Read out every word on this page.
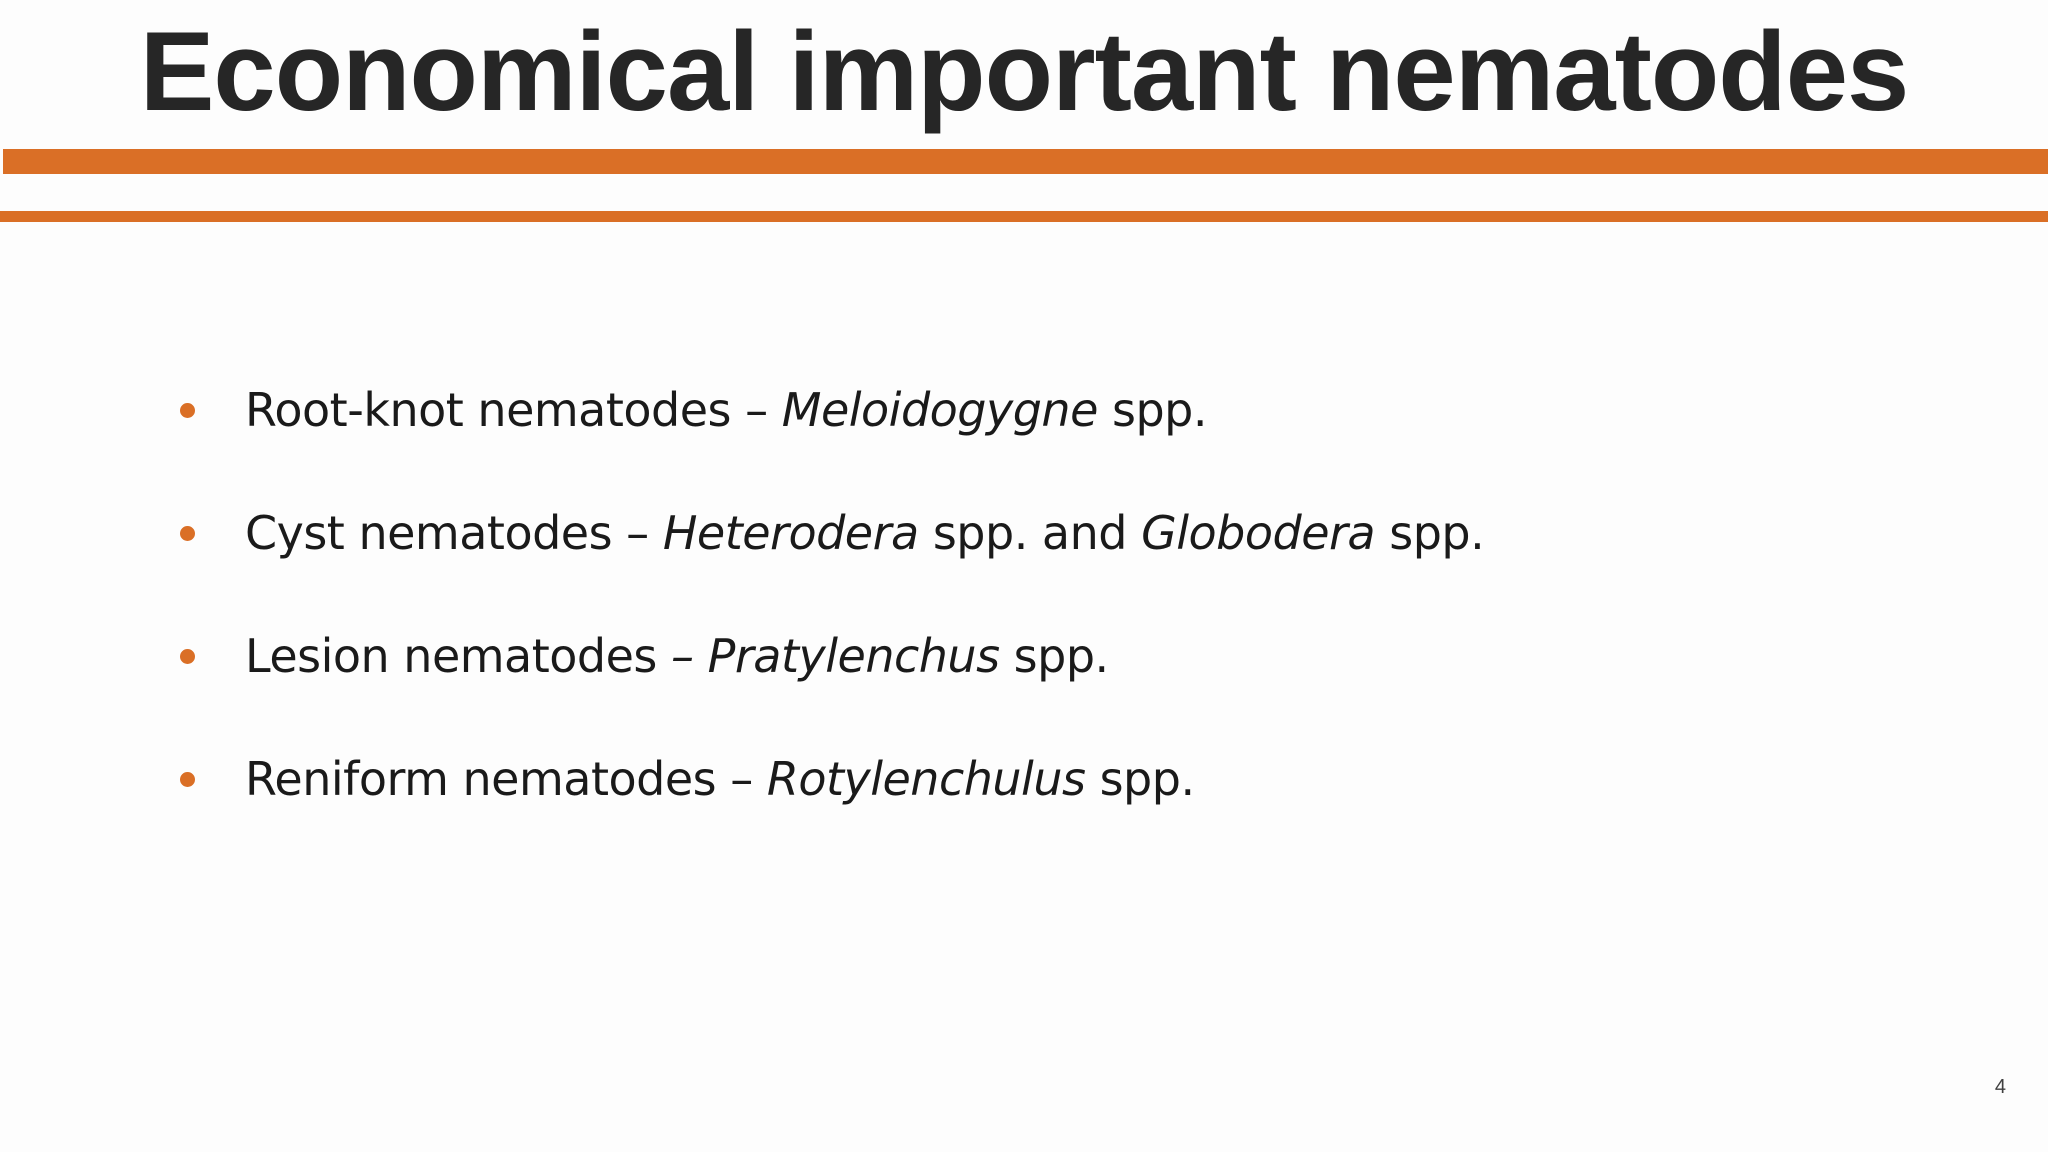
Economical important nematodes
Root-knot nematodes – Meloidogygne spp.
Cyst nematodes – Heterodera spp. and Globodera spp.
Lesion nematodes – Pratylenchus spp.
Reniform nematodes – Rotylenchulus spp.
4
